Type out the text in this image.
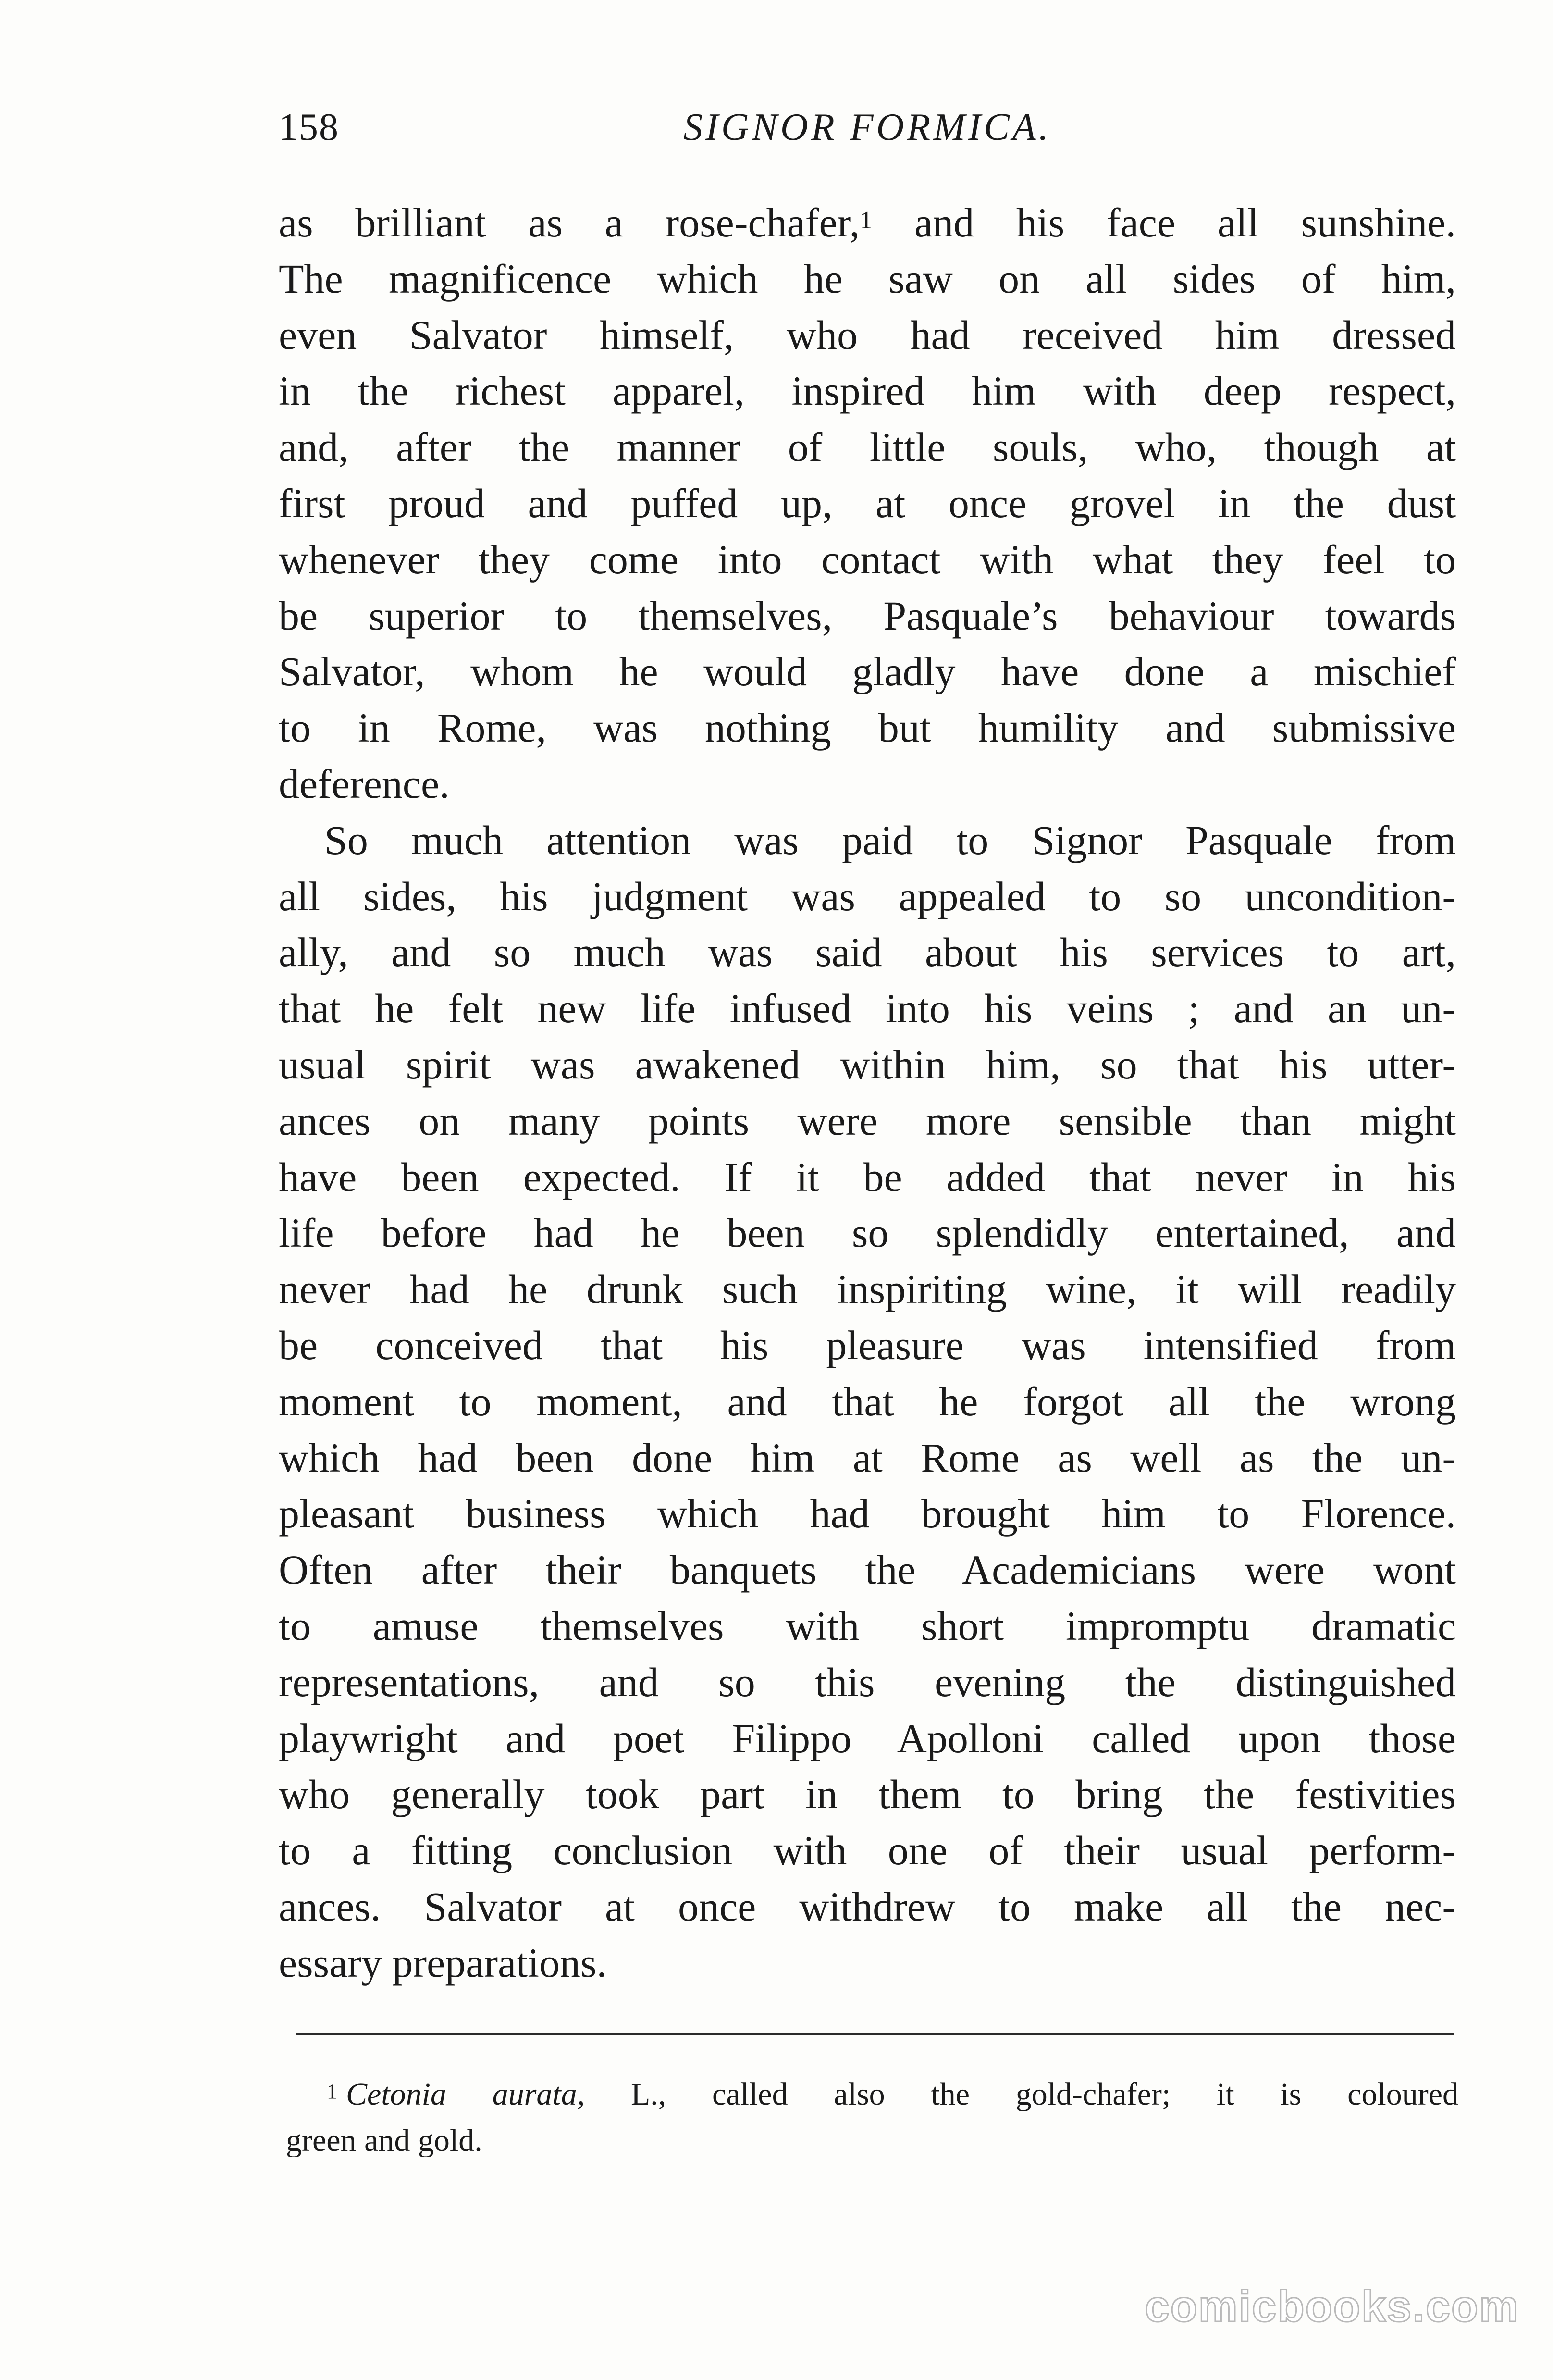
158	SIGNOR FORMICA.
as brilliant as a rose-chafer,$^1$ and his face all sunshine.
The magnificence which he saw on all sides of him,
even Salvator himself, who had received him dressed
in the richest apparel, inspired him with deep respect,
and, after the manner of little souls, who, though at
first proud and puffed up, at once grovel in the dust
whenever they come into contact with what they feel to
be superior to themselves, Pasquale’s behaviour towards
Salvator, whom he would gladly have done a mischief
to in Rome, was nothing but humility and submissive
deference.
So much attention was paid to Signor Pasquale from
all sides, his judgment was appealed to so uncondition-
ally, and so much was said about his services to art,
that he felt new life infused into his veins ; and an un-
usual spirit was awakened within him, so that his utter-
ances on many points were more sensible than might
have been expected. If it be added that never in his
life before had he been so splendidly entertained, and
never had he drunk such inspiriting wine, it will readily
be conceived that his pleasure was intensified from
moment to moment, and that he forgot all the wrong
which had been done him at Rome as well as the un-
pleasant business which had brought him to Florence.
Often after their banquets the Academicians were wont
to amuse themselves with short impromptu dramatic
representations, and so this evening the distinguished
playwright and poet Filippo Apolloni called upon those
who generally took part in them to bring the festivities
to a fitting conclusion with one of their usual perform-
ances. Salvator at once withdrew to make all the nec-
essary preparations.
$^1$ Cetonia aurata, L., called also the gold-chafer; it is coloured
green and gold.
comicbooks.com
